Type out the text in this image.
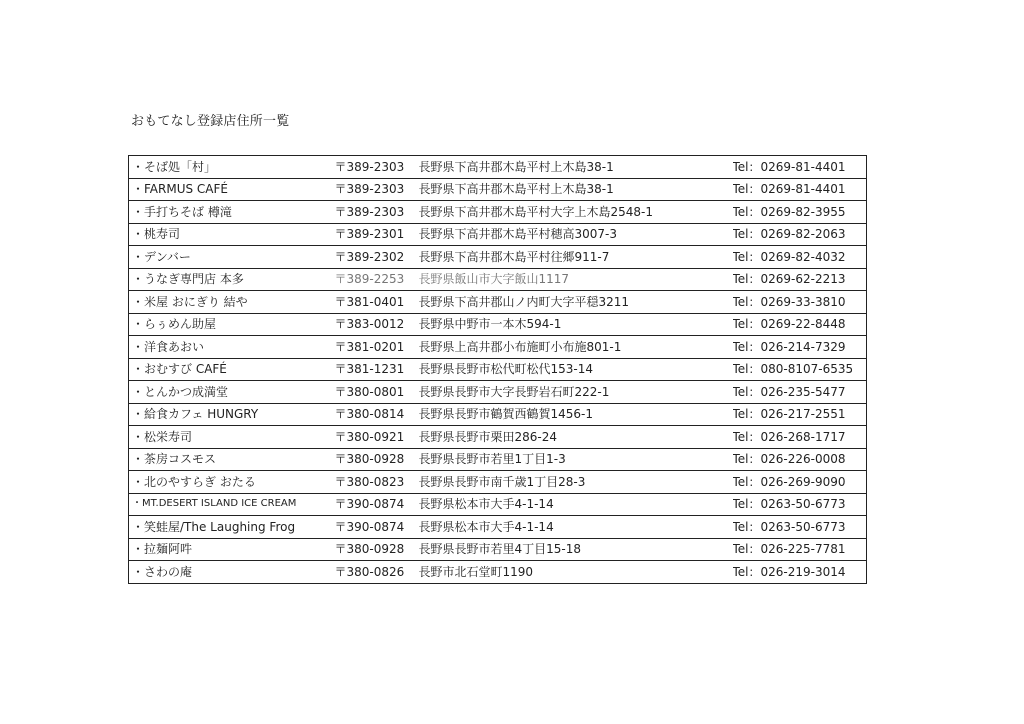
おもてなし登録店住所一覧
・そば処「村」	〒389-2303	長野県下高井郡木島平村上木島38-1	Tel：0269-81-4401
・FARMUS CAFÉ	〒389-2303	長野県下高井郡木島平村上木島38-1	Tel：0269-81-4401
・手打ちそば 樽滝	〒389-2303	長野県下高井郡木島平村大字上木島2548-1	Tel：0269-82-3955
・桃寿司	〒389-2301	長野県下高井郡木島平村穂高3007-3	Tel：0269-82-2063
・デンバー	〒389-2302	長野県下高井郡木島平村往郷911-7	Tel：0269-82-4032
・うなぎ専門店 本多	〒389-2253	長野県飯山市大字飯山1117	Tel：0269-62-2213
・米屋 おにぎり 結や	〒381-0401	長野県下高井郡山ノ内町大字平穏3211	Tel：0269-33-3810
・らぅめん助屋	〒383-0012	長野県中野市一本木594-1	Tel：0269-22-8448
・洋食あおい	〒381-0201	長野県上高井郡小布施町小布施801-1	Tel：026-214-7329
・おむすび CAFÉ	〒381-1231	長野県長野市松代町松代153-14	Tel：080-8107-6535
・とんかつ成満堂	〒380-0801	長野県長野市大字長野岩石町222-1	Tel：026-235-5477
・給食カフェ HUNGRY	〒380-0814	長野県長野市鶴賀西鶴賀1456-1	Tel：026-217-2551
・松栄寿司	〒380-0921	長野県長野市栗田286-24	Tel：026-268-1717
・茶房コスモス	〒380-0928	長野県長野市若里1丁目1-3	Tel：026-226-0008
・北のやすらぎ おたる	〒380-0823	長野県長野市南千歳1丁目28-3	Tel：026-269-9090
・MT.DESERT ISLAND ICE CREAM	〒390-0874	長野県松本市大手4-1-14	Tel：0263-50-6773
・笑蛙屋/The Laughing Frog	〒390-0874	長野県松本市大手4-1-14	Tel：0263-50-6773
・拉麺阿吽	〒380-0928	長野県長野市若里4丁目15-18	Tel：026-225-7781
・さわの庵	〒380-0826	長野市北石堂町1190	Tel：026-219-3014
